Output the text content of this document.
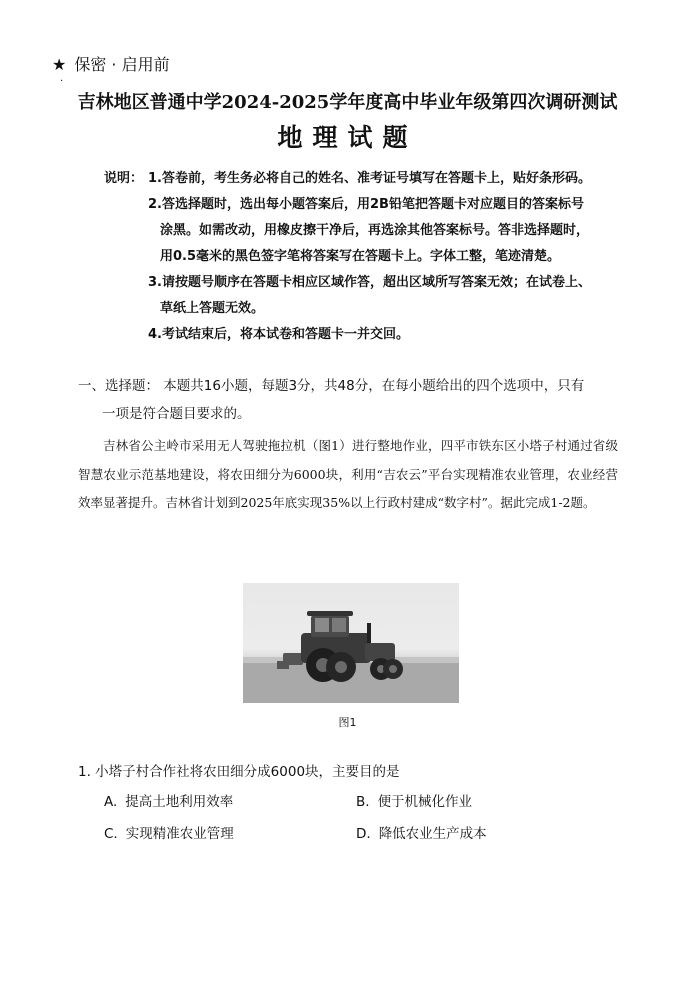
★ 保密 · 启用前
·
吉林地区普通中学2024-2025学年度高中毕业年级第四次调研测试
地理试题
说明： 1.答卷前，考生务必将自己的姓名、准考证号填写在答题卡上，贴好条形码。
2.答选择题时，选出每小题答案后，用2B铅笔把答题卡对应题目的答案标号
涂黑。如需改动，用橡皮擦干净后，再选涂其他答案标号。答非选择题时，
用0.5毫米的黑色签字笔将答案写在答题卡上。字体工整，笔迹清楚。
3.请按题号顺序在答题卡相应区域作答，超出区域所写答案无效；在试卷上、
草纸上答题无效。
4.考试结束后，将本试卷和答题卡一并交回。
一、选择题： 本题共16小题，每题3分，共48分，在每小题给出的四个选项中，只有
一项是符合题目要求的。

吉林省公主岭市采用无人驾驶拖拉机（图1）进行整地作业，四平市铁东区小塔子村通过省级智慧农业示范基地建设，将农田细分为6000块，利用“吉农云”平台实现精准农业管理，农业经营效率显著提升。吉林省计划到2025年底实现35%以上行政村建成“数字村”。据此完成1-2题。

图1
1. 小塔子村合作社将农田细分成6000块，主要目的是
A. 提高土地利用效率	B. 便于机械化作业
C. 实现精准农业管理	D. 降低农业生产成本
